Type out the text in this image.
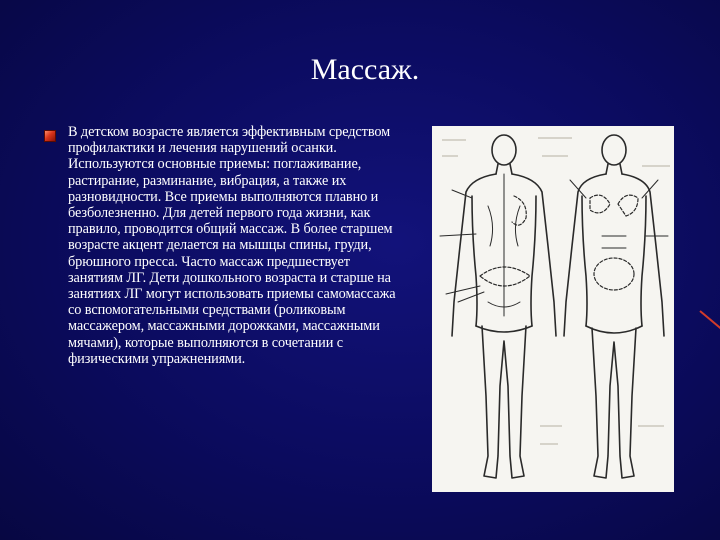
Массаж.
В детском возрасте является эффективным средством профилактики и лечения нарушений осанки. Используются основные приемы: поглаживание, растирание, разминание, вибрация, а также их разновидности. Все приемы выполняются плавно и безболезненно. Для детей первого года жизни, как правило, проводится общий массаж. В более старшем возрасте акцент делается на мышцы спины, груди, брюшного пресса. Часто массаж предшествует занятиям ЛГ. Дети дошкольного возраста и старше на занятиях ЛГ могут использовать приемы самомассажа со вспомогательными средствами (роликовым массажером, массажными дорожками, массажными мячами), которые выполняются в сочетании с физическими упражнениями.
